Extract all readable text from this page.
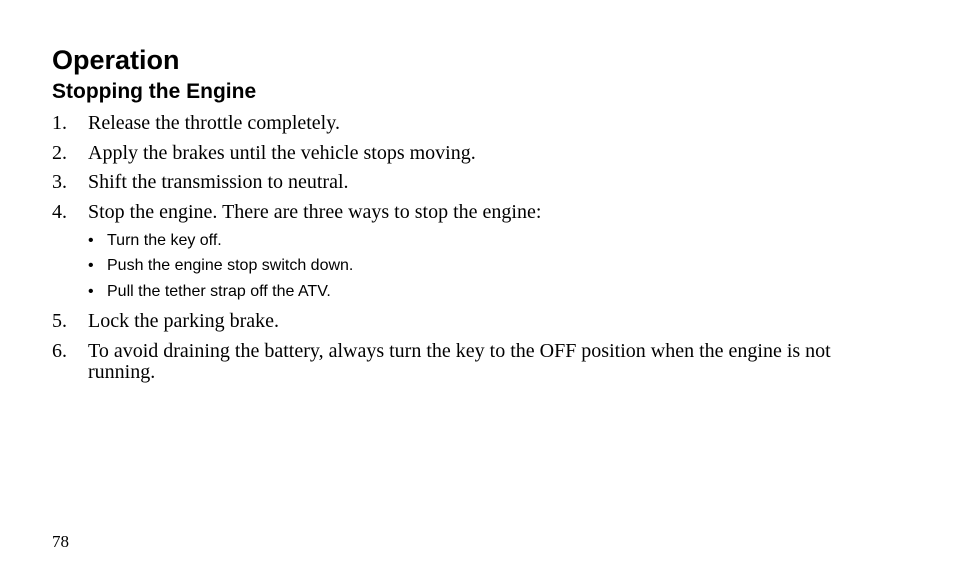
Operation
Stopping the Engine
1. Release the throttle completely.
2. Apply the brakes until the vehicle stops moving.
3. Shift the transmission to neutral.
4. Stop the engine. There are three ways to stop the engine:
• Turn the key off.
• Push the engine stop switch down.
• Pull the tether strap off the ATV.
5. Lock the parking brake.
6. To avoid draining the battery, always turn the key to the OFF position when the engine is not running.
78
